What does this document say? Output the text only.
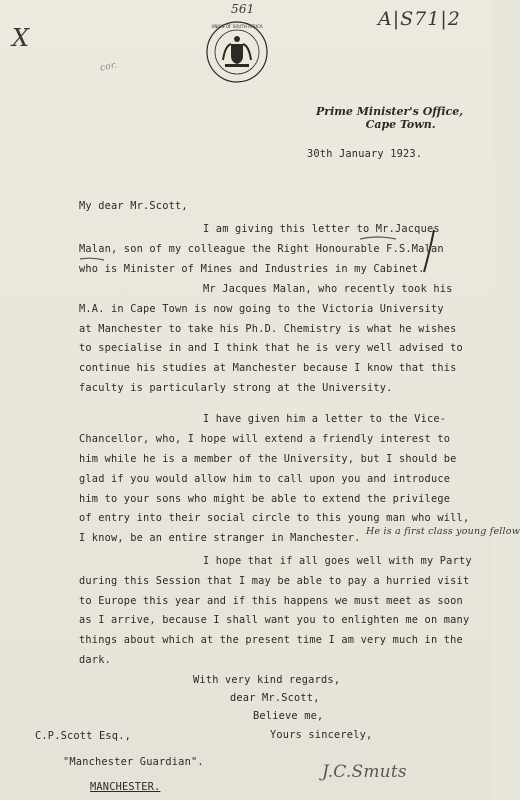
561	A|S71|2
X
cor.
UNION OF SOUTH AFRICA
Prime Minister's Office,
Cape Town.
30th January 1923.
My dear Mr.Scott,
I am giving this letter to Mr.Jacques
Malan, son of my colleague the Right Honourable F.S.Malan
who is Minister of Mines and Industries in my Cabinet.
Mr Jacques Malan, who recently took his
M.A. in Cape Town is now going to the Victoria University
at Manchester to take his Ph.D. Chemistry is what he wishes
to specialise in and I think that he is very well advised to
continue his studies at Manchester because I know that this
faculty is particularly strong at the University.
I have given him a letter to the Vice-
Chancellor, who, I hope will extend a friendly interest to
him while he is a member of the University, but I should be
glad if you would allow him to call upon you and introduce
him to your sons who might be able to extend the privilege
of entry into their social circle to this young man who will,
I know, be an entire stranger in Manchester.
He is a first class young fellow
I hope that if all goes well with my Party
during this Session that I may be able to pay a hurried visit
to Europe this year and if this happens we must meet as soon
as I arrive, because I shall want you to enlighten me on many
things about which at the present time I am very much in the
dark.
With very kind regards,
dear Mr.Scott,
Believe me,
Yours sincerely,
C.P.Scott Esq.,
"Manchester Guardian".
MANCHESTER.
J.C.Smuts
